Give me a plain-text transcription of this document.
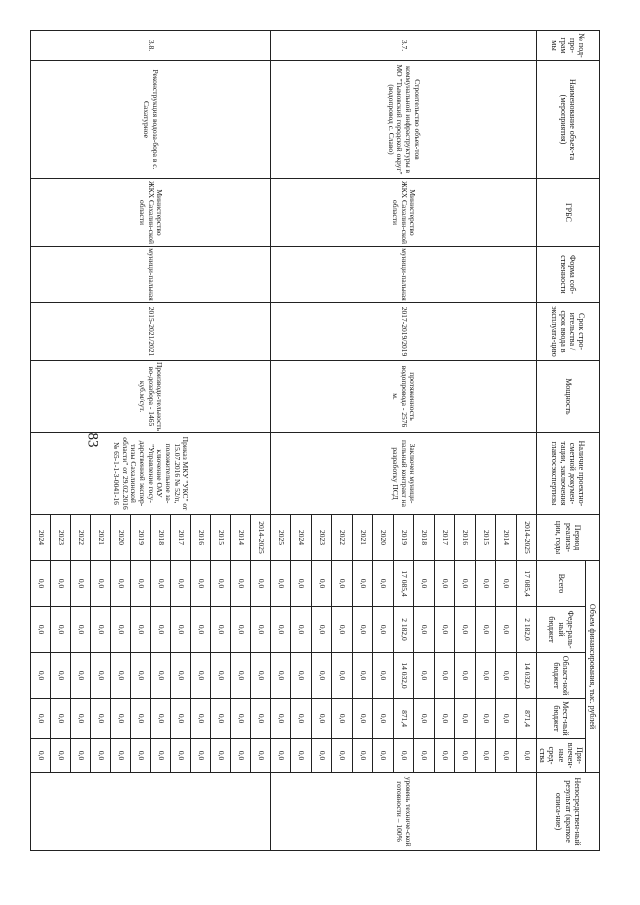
83
№ под-про-грам мы	Наименование объек-та (мероприятия)	ГРБС	Форма соб-ственности	Срок стро-ительства / срок ввода в эксплуата-цию	Мощность	Наличие проектно-сметной докумен-тации, заключения главгосэкспертизы	Период реализа-ции, годы	Объем финансирования, тыс. рублей					Непосредствен-ный результат (краткое описа-ние)
								Всего	Феде-раль-ный бюджет	Област-ной бюджет	Мест-ный бюджет	При-влечен-ные сред-ства	
3.7.	Строительство объек-тов коммунальной инфраструктуры в МО "Тымовский городской округ" (водопровод с. Славо)	Министерство ЖКХ Сахалин-ской области	муници-пальная	2017-2019/2019	протяженность водопровода - 2576 м.	Заключен муници-пальный контракт на разработку ПСД	2014-2025	17 085,4	2 182,0	14 032,0	871,4	0,0	уровень техниче-ской готовности – 100%
							2014	0,0	0,0	0,0	0,0	0,0	
							2015	0,0	0,0	0,0	0,0	0,0	
							2016	0,0	0,0	0,0	0,0	0,0	
							2017	0,0	0,0	0,0	0,0	0,0	
							2018	0,0	0,0	0,0	0,0	0,0	
							2019	17 085,4	2 182,0	14 032,0	871,4	0,0	
							2020	0,0	0,0	0,0	0,0	0,0	
							2021	0,0	0,0	0,0	0,0	0,0	
							2022	0,0	0,0	0,0	0,0	0,0	
							2023	0,0	0,0	0,0	0,0	0,0	
							2024	0,0	0,0	0,0	0,0	0,0	
							2025	0,0	0,0	0,0	0,0	0,0	
3.8.	Реконструкция водоза-бора в с. Сахатурное	Министерство ЖКХ Сахалин-ской области	муници-пальная	2015-2021/2021	Производи-тельность во-дозабора - 1465 куб.м/сут.	Приказ МКУ "УКС" от 15.07.2016 № 52/п, положительное за-ключение ОАУ "Управление госу-дарственной экспер-тизы Сахалинской области" от 29.02.2016 № 65-1-1-3-0041-16	2014-2025	0,0	0,0	0,0	0,0	0,0	
							2014	0,0	0,0	0,0	0,0	0,0	
							2015	0,0	0,0	0,0	0,0	0,0	
							2016	0,0	0,0	0,0	0,0	0,0	
							2017	0,0	0,0	0,0	0,0	0,0	
							2018	0,0	0,0	0,0	0,0	0,0	
							2019	0,0	0,0	0,0	0,0	0,0	
							2020	0,0	0,0	0,0	0,0	0,0	
							2021	0,0	0,0	0,0	0,0	0,0	
							2022	0,0	0,0	0,0	0,0	0,0	
							2023	0,0	0,0	0,0	0,0	0,0	
							2024	0,0	0,0	0,0	0,0	0,0	
